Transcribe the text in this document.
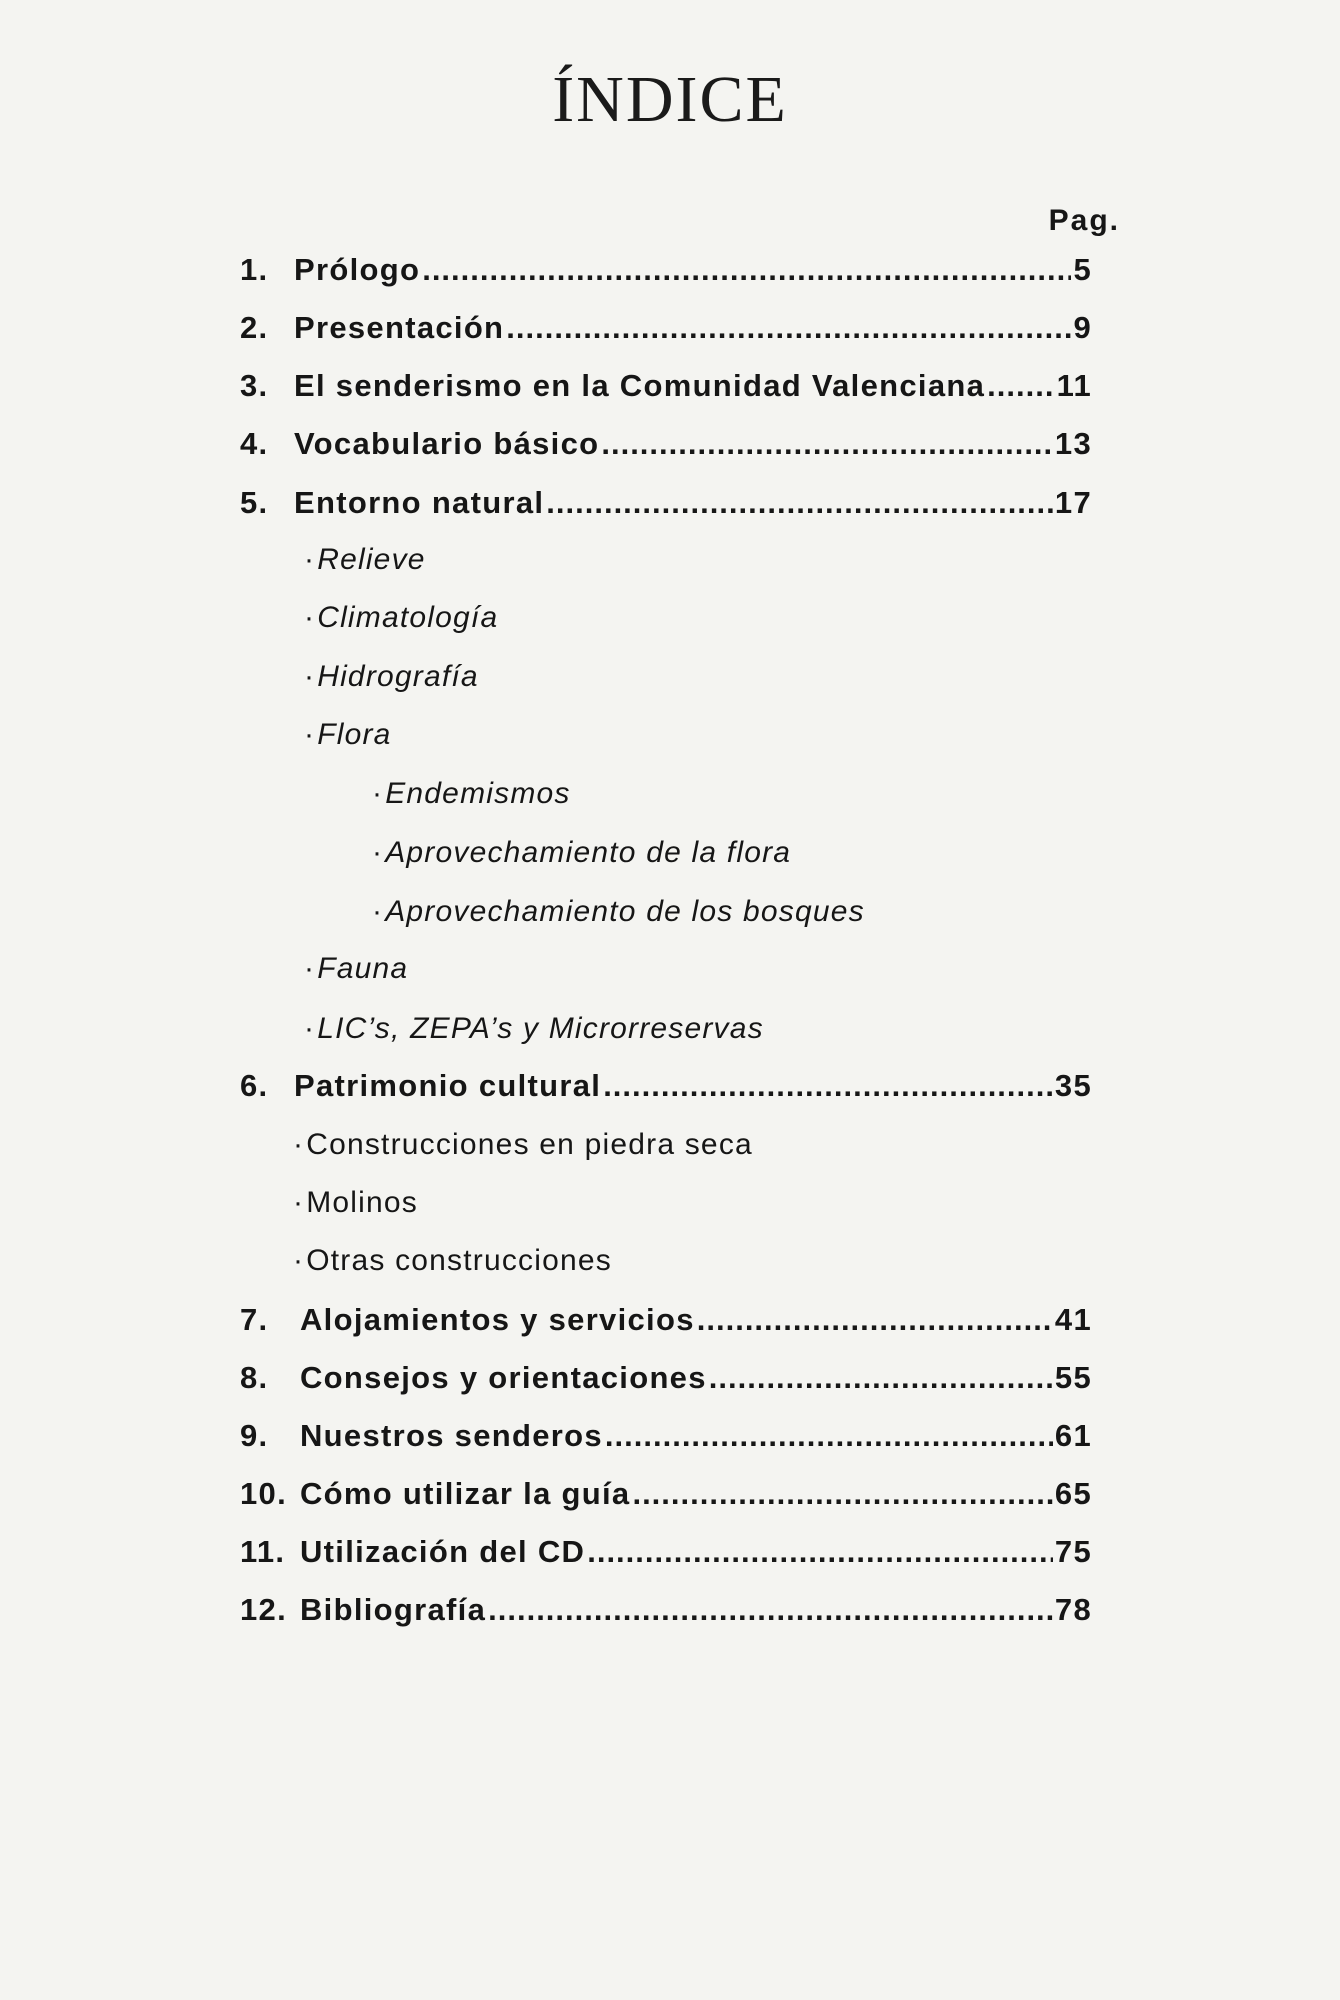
ÍNDICE
Pag.
1. Prólogo .....	5
2. Presentación .....	9
3. El senderismo en la Comunidad Valenciana ..... 11
4. Vocabulario básico .....	13
5. Entorno natural .....	17
·Relieve
·Climatología
·Hidrografía
·Flora
·Endemismos
·Aprovechamiento de la flora
·Aprovechamiento de los bosques
·Fauna
·LIC’s, ZEPA’s y Microrreservas
6. Patrimonio cultural .....	35
·Construcciones en piedra seca
·Molinos
·Otras construcciones
7.	Alojamientos y servicios .....	41
8.	Consejos y orientaciones .....	55
9.	Nuestros senderos .....	61
10. Cómo utilizar la guía .....	65
11. Utilización del CD .....	75
12. Bibliografía .....	78
